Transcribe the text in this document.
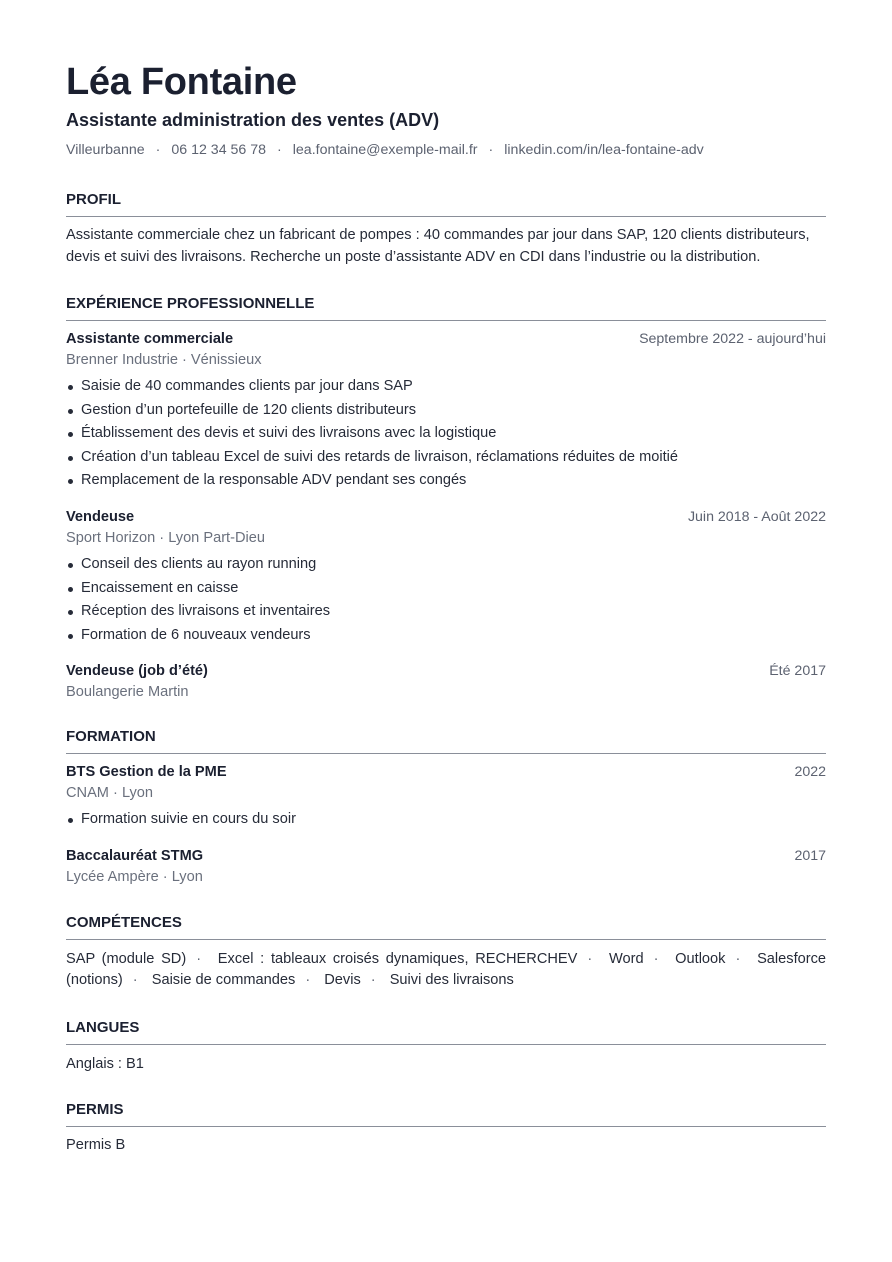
Léa Fontaine
Assistante administration des ventes (ADV)
Villeurbanne · 06 12 34 56 78 · lea.fontaine@exemple-mail.fr · linkedin.com/in/lea-fontaine-adv
PROFIL
Assistante commerciale chez un fabricant de pompes : 40 commandes par jour dans SAP, 120 clients distributeurs, devis et suivi des livraisons. Recherche un poste d’assistante ADV en CDI dans l’industrie ou la distribution.
EXPÉRIENCE PROFESSIONNELLE
Assistante commerciale	Septembre 2022 - aujourd’hui
Brenner Industrie · Vénissieux
Saisie de 40 commandes clients par jour dans SAP
Gestion d’un portefeuille de 120 clients distributeurs
Établissement des devis et suivi des livraisons avec la logistique
Création d’un tableau Excel de suivi des retards de livraison, réclamations réduites de moitié
Remplacement de la responsable ADV pendant ses congés
Vendeuse	Juin 2018 - Août 2022
Sport Horizon · Lyon Part-Dieu
Conseil des clients au rayon running
Encaissement en caisse
Réception des livraisons et inventaires
Formation de 6 nouveaux vendeurs
Vendeuse (job d’été)	Été 2017
Boulangerie Martin
FORMATION
BTS Gestion de la PME	2022
CNAM · Lyon
Formation suivie en cours du soir
Baccalauréat STMG	2017
Lycée Ampère · Lyon
COMPÉTENCES
SAP (module SD) · Excel : tableaux croisés dynamiques, RECHERCHEV · Word · Outlook · Salesforce (notions) · Saisie de commandes · Devis · Suivi des livraisons
LANGUES
Anglais : B1
PERMIS
Permis B
